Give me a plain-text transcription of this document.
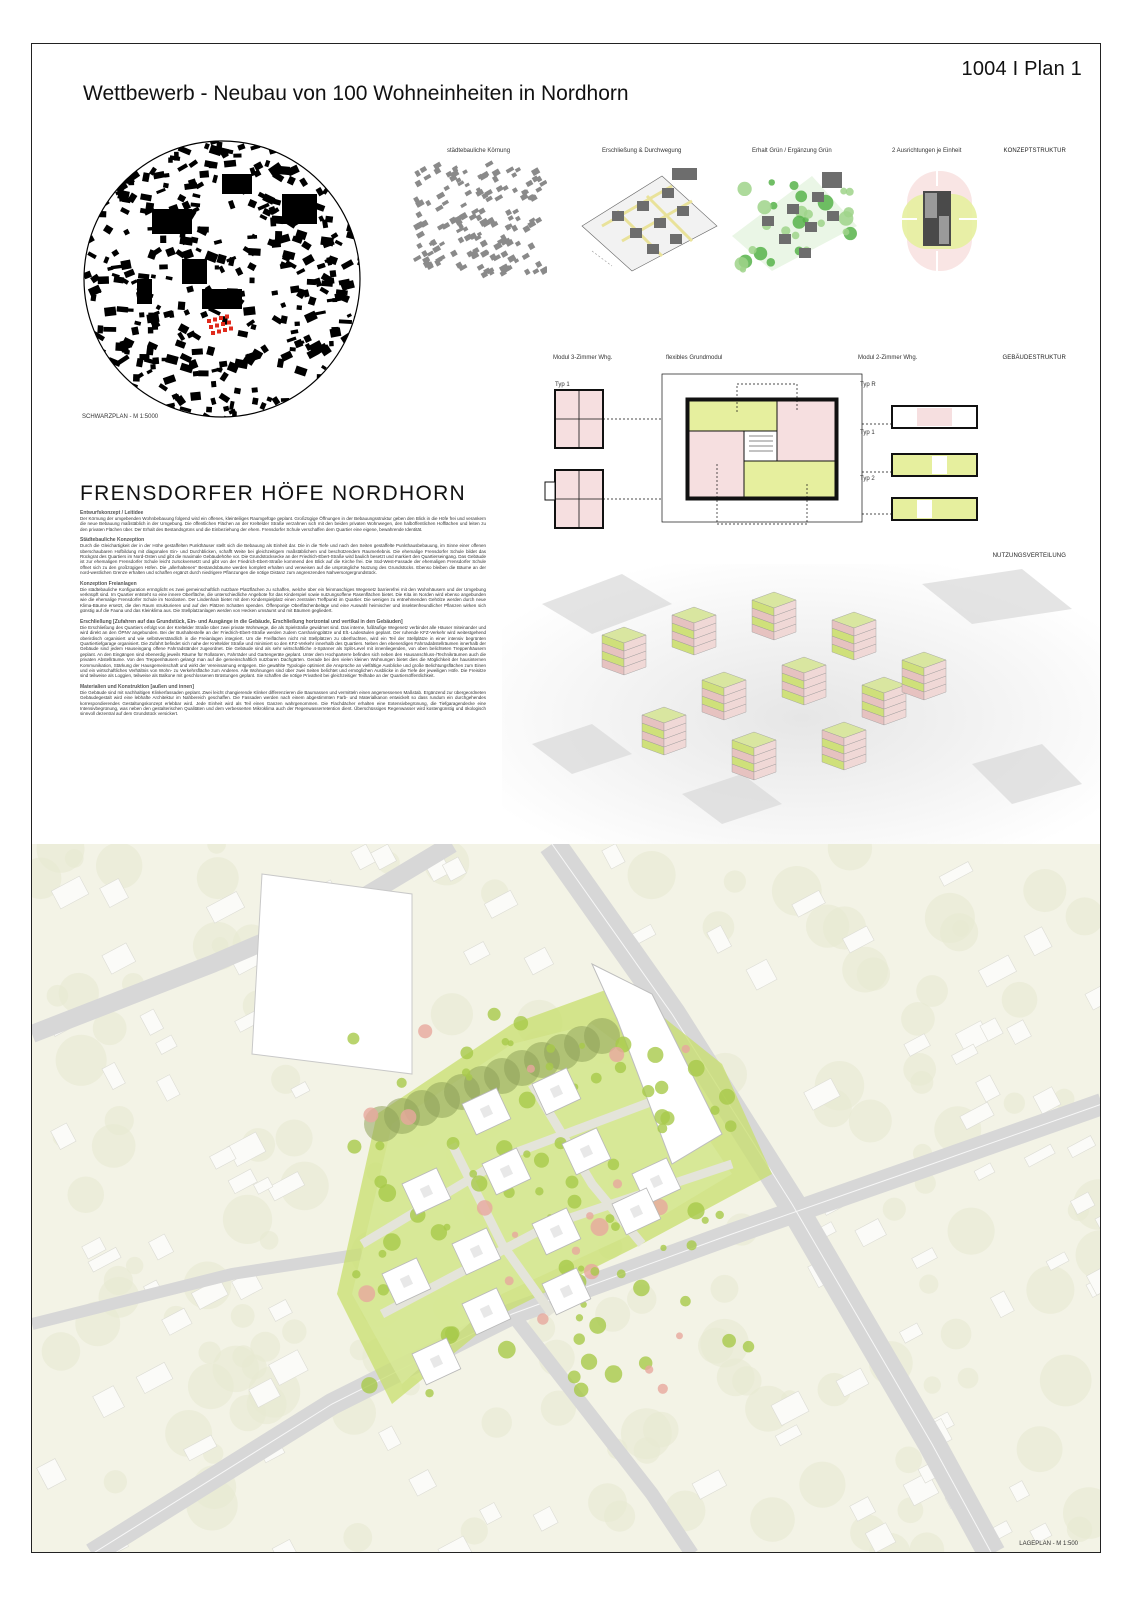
1004 I Plan 1
Wettbewerb - Neubau von 100 Wohneinheiten in Nordhorn
SCHWARZPLAN - M 1:5000
KONZEPTSTRUKTUR
städtebauliche Körnung	Erschließung & Durchwegung	Erhalt Grün / Ergänzung Grün	2 Ausrichtungen je Einheit
GEBÄUDESTRUKTUR
Modul 3-Zimmer Whg.	flexibles Grundmodul	Modul 2-Zimmer Whg.
Typ 1	Typ R
Typ 1
Typ 2
NUTZUNGSVERTEILUNG
FRENSDORFER HÖFE NORDHORN
Entwurfskonzept / Leitidee

Der Körnung der umgebenden Wohnbebauung folgend wird ein offenes, kleinteiliges Raumgefüge geplant. Großzügige Öffnungen in der Bebauungsstruktur geben den Blick in die Höfe frei und verankern die neue Bebauung maßstäblich in der Umgebung. Die öffentlichen Flächen an der Kreltelder Straße verzahnen sich mit den beiden privaten Wohnwegen, den halböffentlichen Hofflächen und leiten zu den privaten Flächen über. Der Erhalt des Bestandsgrüns und die Einbeziehung der ehem. Frensdorfer Schule verschaffen dem Quartier eine eigene, bewahrende Identität.

Städtebauliche Konzeption

Durch die Gleichartigkeit der in der Höhe gestaffelten Punkthäuser stellt sich die Bebauung als Einheit dar. Die in die Tiefe und nach den Seiten gestaffelte Punkthausbebauung, im Sinne einer offenen überschaubaren Hofbildung mit diagonalen Ein- und Durchblicken, schafft Weite bei gleichzeitigem maßstäblichem und beschützendem Raumerlebnis. Die ehemalige Frensdorfer Schule bildet das Rückgrat des Quartiers im Nord-Osten und gibt die maximale Gebäudehöhe vor. Die Grundstücksecke an der Friedrich-Ebert-Straße wird baulich besetzt und markiert den Quartierseingang. Das Gebäude ist zur ehemaligen Frensdorfer Schule leicht zurückversetzt und gibt von der Friedrich-Ebert-Straße kommend den Blick auf die Kirche frei. Die Süd-West-Fassade der ehemaligen Frensdorfer Schule öffnet sich zu den großzügigen Höfen. Die „allerhaltenen“ Bestandsbäume werden komplett erhalten und verweisen auf die ursprüngliche Nutzung des Grundstücks. Ebenso bleiben die Bäume an der nord-westlichen Grenze erhalten und schaffen ergänzt durch niedrigere Pflanzungen die nötige Distanz zum angrenzenden Nahversorgergrundstück.

Konzeption Freianlagen

Die städtebauliche Konfiguration ermöglicht es zwei gemeinschaftlich nutzbare Platzflächen zu schaffen, welche über ein feinmaschiges Wegenetz barrierefrei mit den Wohnhäusern und der Umgebung verknüpft sind. Im Quartier entsteht so eine innere Oberfläche, die unterschiedliche Angebote für das Kinderspiel sowie nutzungsoffene Rasenflächen bietet. Die Kita im Norden wird ebenso angebunden wie die ehemalige Frensdorfer Schule im Nordosten. Der Lindenhain bietet mit dem Kinderspielplatz einen zentralen Treffpunkt im Quartier. Die wenigen zu entnehmenden Gehölze werden durch neue Klima-Bäume ersetzt, die den Raum strukturieren und auf den Plätzen Schatten spenden. Öffenporige Oberflächenbeläge und eine Auswahl heimischer und insektenfreundlicher Pflanzen wirken sich günstig auf die Fauna und das Kleinklima aus. Die Stellplatzanlagen werden von Hecken umsäumt und mit Bäumen gegliedert.

Erschließung [Zufahren auf das Grundstück, Ein- und Ausgänge in die Gebäude, Erschließung horizontal und vertikal in den Gebäuden]

Die Erschließung des Quartiers erfolgt von der Kreltelder Straße über zwei private Wohnwege, die als Spielstraße gewidmet sind. Das interne, fußläufige Wegenetz verbindet alle Häuser miteinander und wird direkt an den ÖPNV angebunden. Bei der Bushaltestelle an der Friedrich-Ebert-Straße werden zudem Carsharingplätze und Elt.-Ladesäulen geplant. Der ruhende KFZ-Verkehr wird weitestgehend oberirdisch organisiert und wie selbstverständlich in die Freianlagen integriert. Um die Freiflächen nicht mit Stellplätzen zu überfrachten, wird ein Teil der Stellplätze in einer intensiv begrünten Quartiertiefgarage organisiert. Die Zufahrt befindet sich nahe der Kreltelder Straße und minimiert so den KFZ-Verkehr innerhalb des Quartiers. Neben den ebenerdigen Fahrradabstellräumen innerhalb der Gebäude sind jedem Hauseingang offene Fahrradständer zugeordnet. Die Gebäude sind als sehr wirtschaftliche 4-Spänner als Split-Level mit innenliegenden, von oben belichteten Treppenhäusern geplant. An den Eingängen sind ebenerdig jeweils Räume für Rollatoren, Fahrräder und Gartengeräte geplant. Unter dem Hochparterre befinden sich neben den Hausanschluss-/Technikräumen auch die privaten Abstellräume. Von den Treppenhäusern gelangt man auf die gemeinschaftlich nutzbaren Dachgärten. Gerade bei den vielen kleinen Wohnungen bietet dies die Möglichkeit der hausinternen Kommunikation, Stärkung der Hausgemeinschaft und wirkt der Vereinsamung entgegen. Die gewählte Typologie optimiert die Ansprüche an vielfältige Ausblicke und große Belichtungsflächen zum Einen und ein wirtschaftliches Verhältnis von Wohn- zu Verkehrsfläche zum Anderen. Alle Wohnungen sind über zwei Seiten belichtet und ermöglichen Ausblicke in die Tiefe der jeweiligen Höfe. Die Freisitze sind teilweise als Loggien, teilweise als Balkone mit geschlossenen Brüstungen geplant. Sie schaffen die nötige Privatheit bei gleichzeitiger Teilhabe an der Quartiersöffentlichkeit.

Materialien und Konstruktion [außen und innen]

Die Gebäude sind mit nachhaltigen Klinkerfassaden geplant. Zwei leicht changierende Klinker differenzieren die Baumassen und vermitteln einen angemessenen Maßstab. Ergänzend zur übergeordneten Gebäudegestalt wird eine lebhafte Architektur im Nahbereich geschaffen. Die Fassaden werden nach einem abgestimmten Farb- und Materialkanon entwickelt so dass rundum ein durchgehendes korrespondierendes Gestaltungskonzept erlebbar wird. Jede Einheit wird als Teil eines Ganzen wahrgenommen. Die Flachdächer erhalten eine Extensivbegrünung, die Tiefgaragendecke eine Intensivbegrünung, was neben den gestalterischen Qualitäten und dem verbesserten Mikroklima auch der Regenwasserretention dient. Überschüssiges Regenwasser wird kostengünstig und ökologisch sinnvoll dezentral auf dem Grundstück versickert.

LAGEPLAN - M 1:500
